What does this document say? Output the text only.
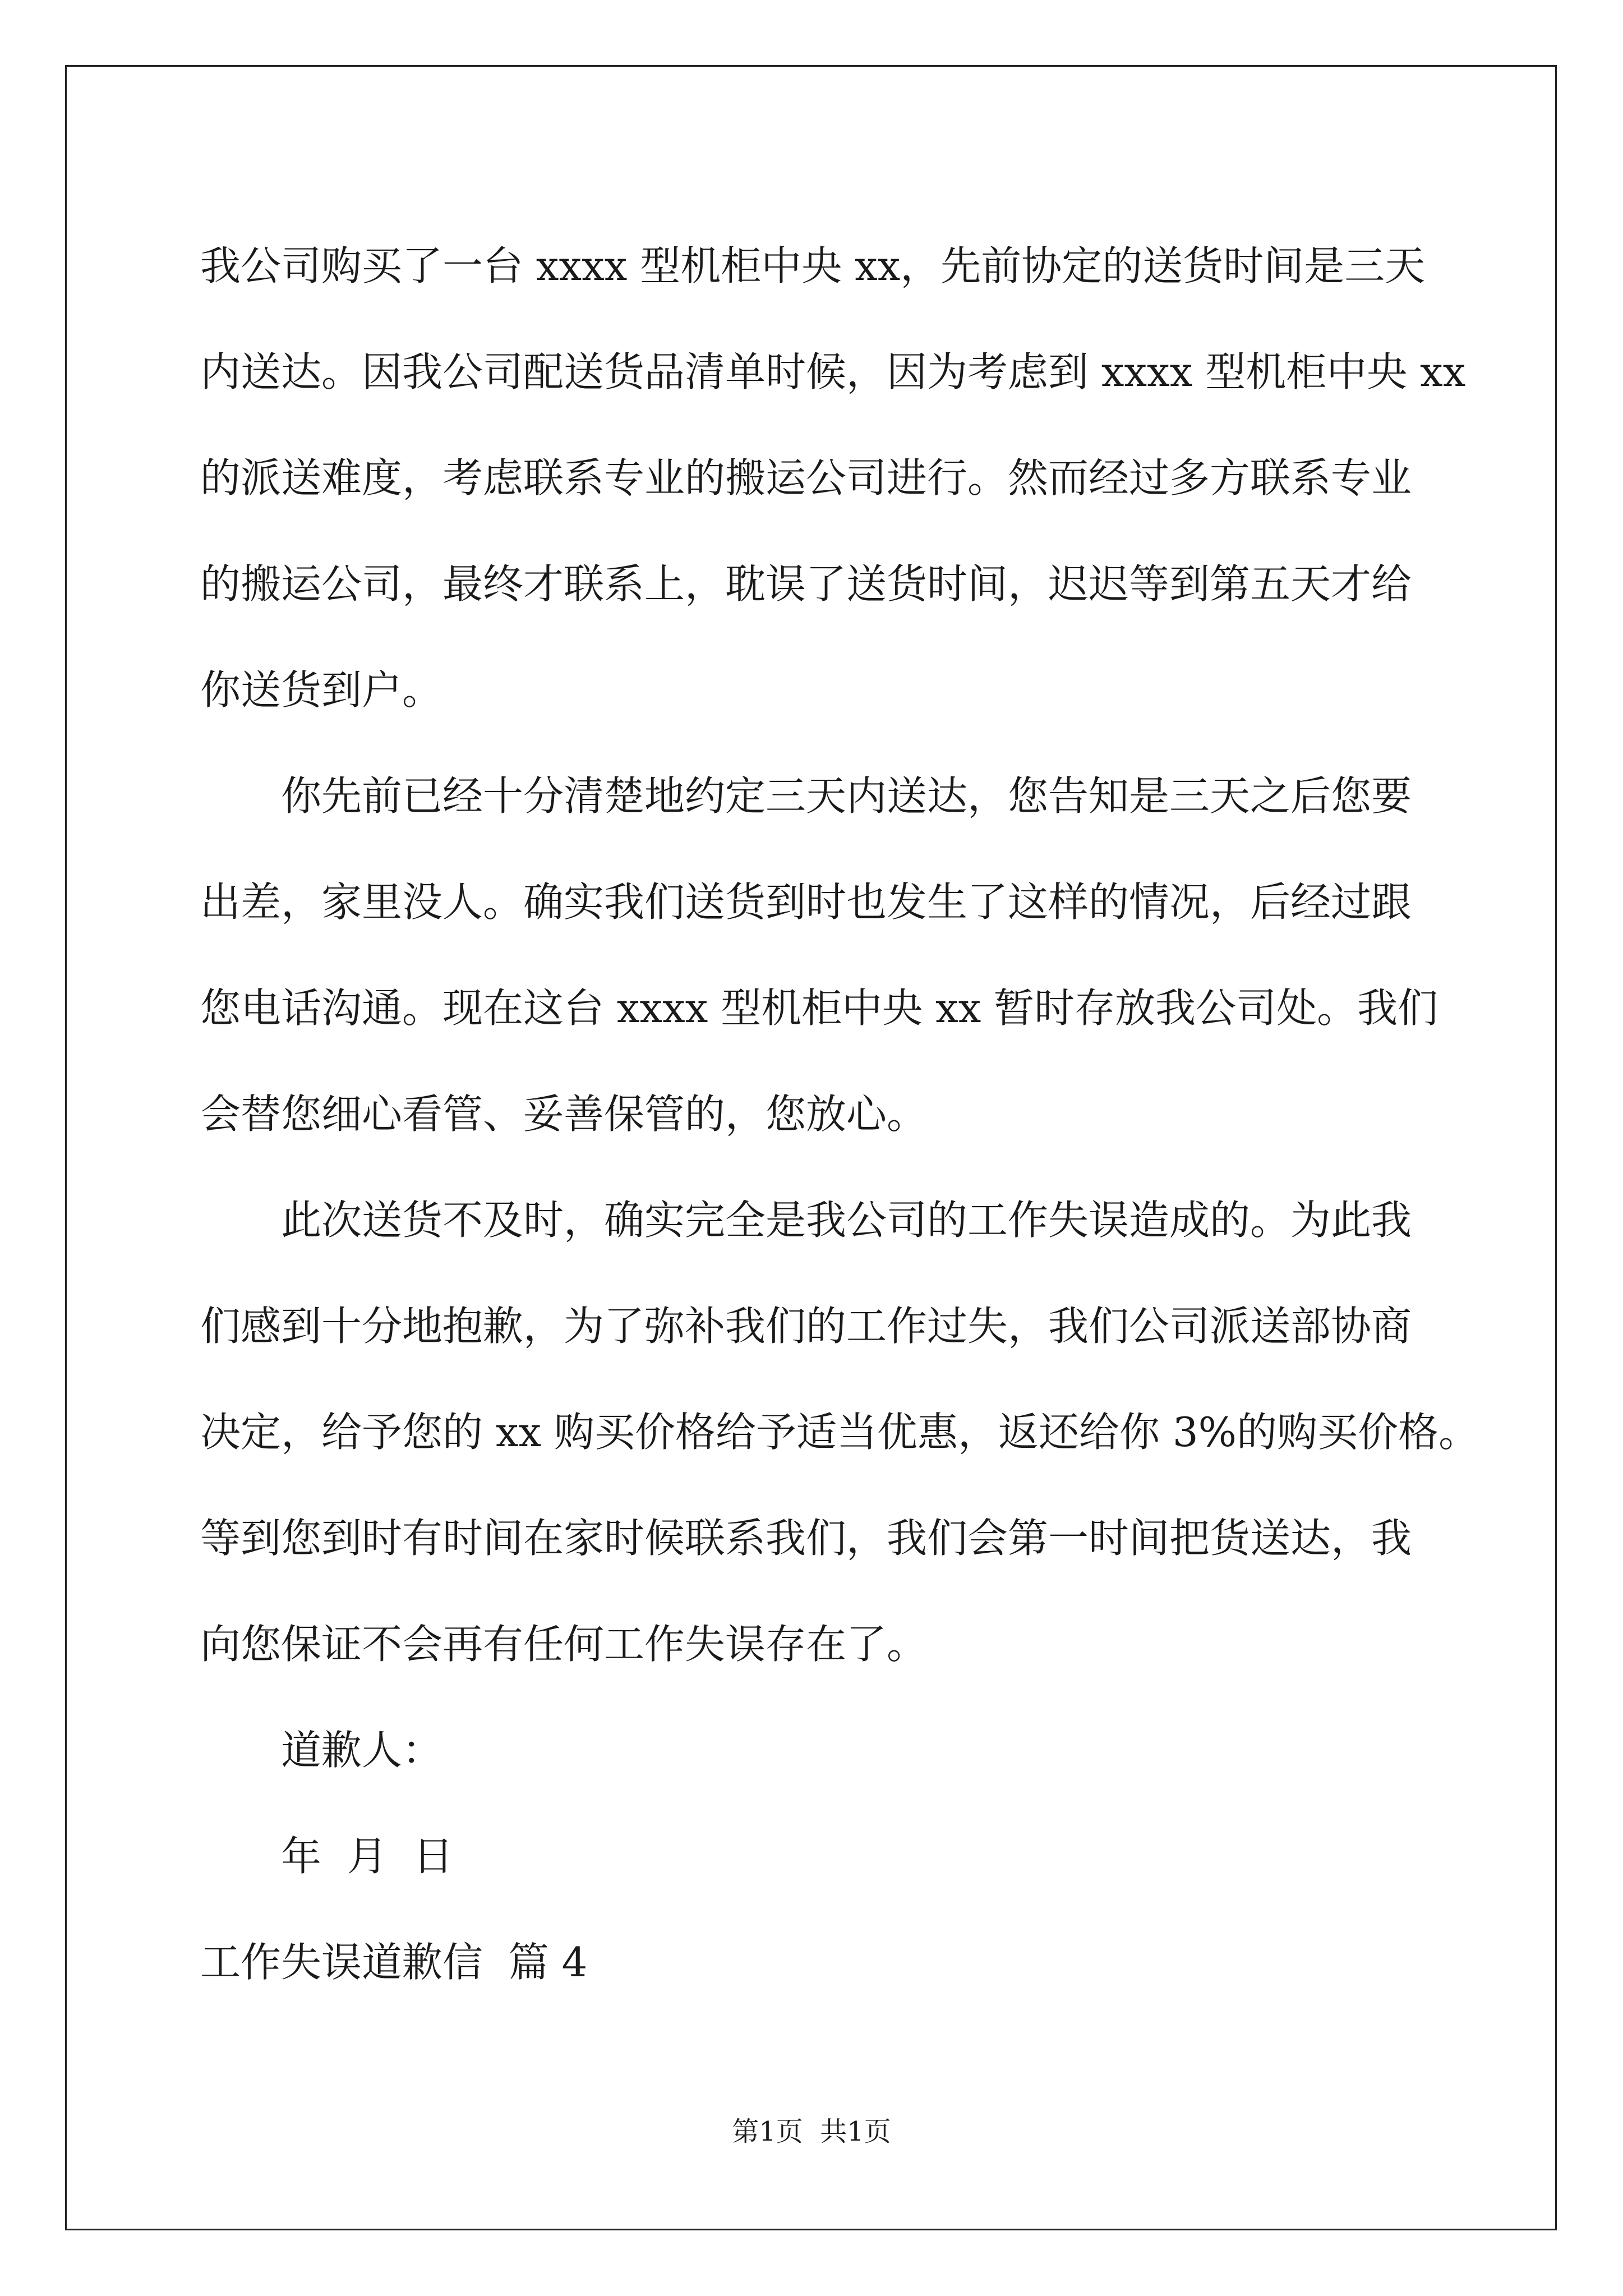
我公司购买了一台 xxxx 型机柜中央 xx，先前协定的送货时间是三天
内送达。因我公司配送货品清单时候，因为考虑到 xxxx 型机柜中央 xx
的派送难度，考虑联系专业的搬运公司进行。然而经过多方联系专业
的搬运公司，最终才联系上，耽误了送货时间，迟迟等到第五天才给
你送货到户。
你先前已经十分清楚地约定三天内送达，您告知是三天之后您要
出差，家里没人。确实我们送货到时也发生了这样的情况，后经过跟
您电话沟通。现在这台 xxxx 型机柜中央 xx 暂时存放我公司处。我们
会替您细心看管、妥善保管的，您放心。
此次送货不及时，确实完全是我公司的工作失误造成的。为此我
们感到十分地抱歉，为了弥补我们的工作过失，我们公司派送部协商
决定，给予您的 xx 购买价格给予适当优惠，返还给你 3%的购买价格。
等到您到时有时间在家时候联系我们，我们会第一时间把货送达，我
向您保证不会再有任何工作失误存在了。
道歉人：
年  月  日
工作失误道歉信  篇 4
第1页  共1页
